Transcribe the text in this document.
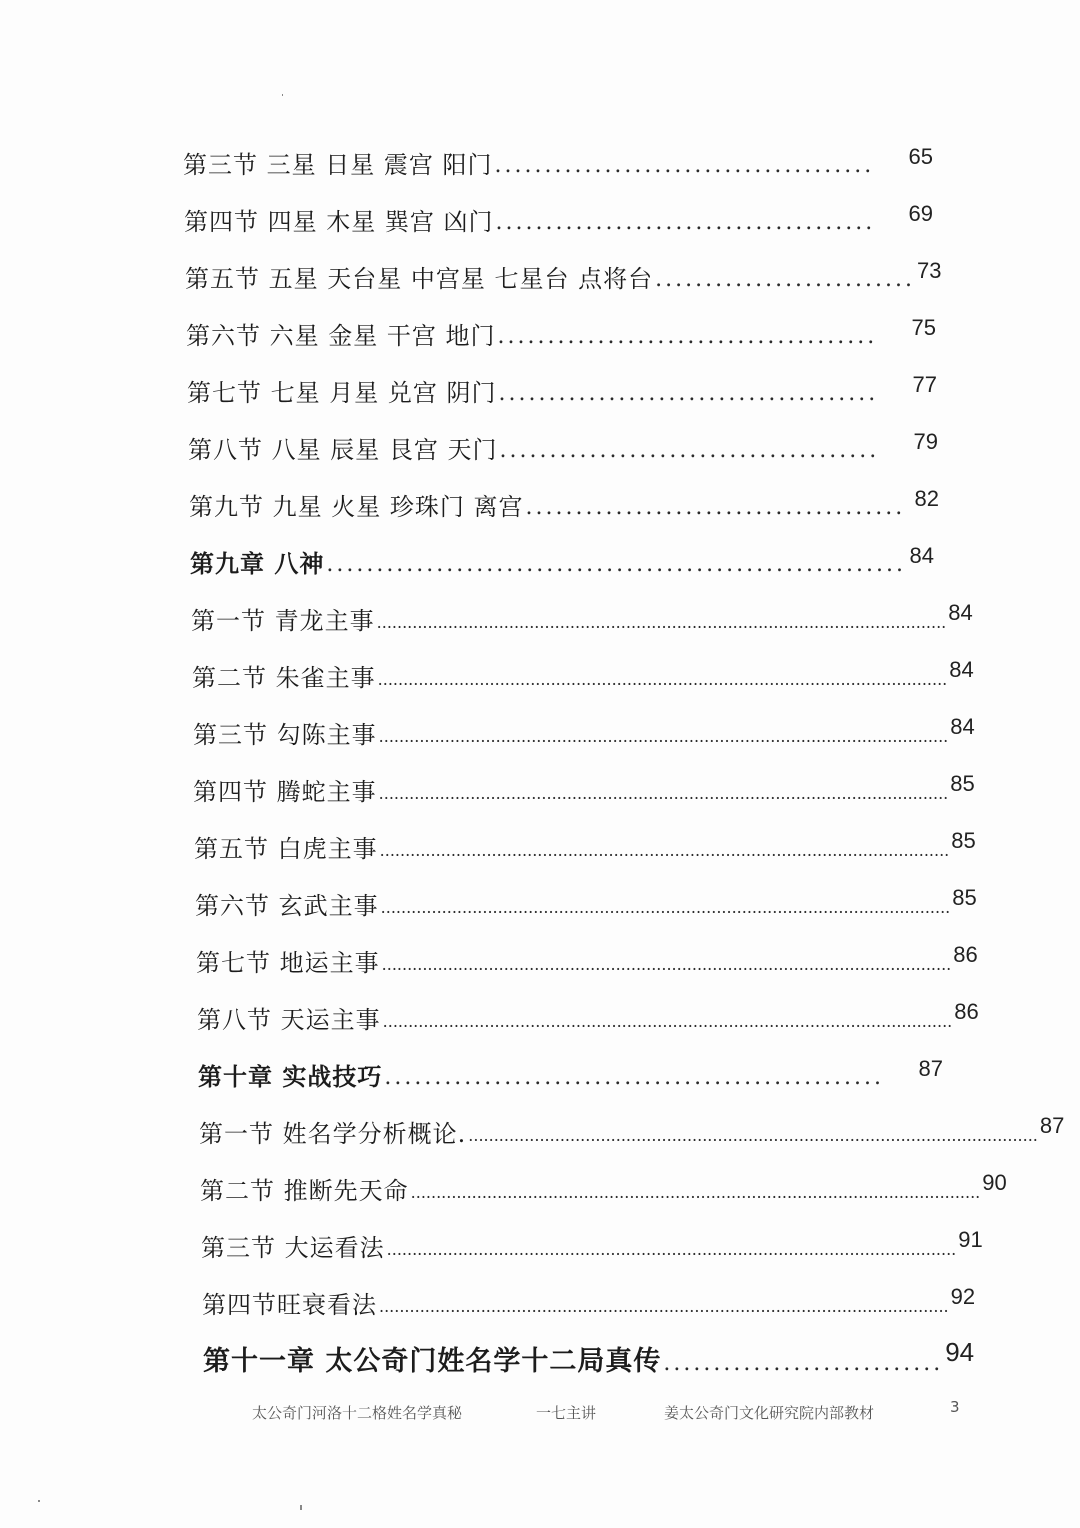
第三节 三星 日星 震宫 阳门 ......................................	65
第四节 四星 木星 巽宫 凶门 ......................................	69
第五节 五星 天台星 中宫星 七星台 点将台 .......................... 73
第六节 六星 金星 干宫 地门 ......................................	75
第七节 七星 月星 兑宫 阴门 ......................................	77
第八节 八星 辰星 艮宫 天门 ......................................	79
第九节 九星 火星 珍珠门 离宫 ...................................... 82
第九章 八神 .......................................................... 84
第一节 青龙主事 ................................................................................................................ 84
第二节 朱雀主事 ................................................................................................................ 84
第三节 勾陈主事 ................................................................................................................ 84
第四节 腾蛇主事 ................................................................................................................ 85
第五节 白虎主事 ................................................................................................................ 85
第六节 玄武主事 ................................................................................................................ 85
第七节 地运主事 ................................................................................................................ 86
第八节 天运主事 ................................................................................................................ 86
第十章 实战技巧 ..................................................	87
第一节 姓名学分析概论. ................................................................................................................ 87
第二节 推断先天命 ................................................................................................................ 90
第三节 大运看法 ................................................................................................................ 91
第四节旺衰看法 ................................................................................................................ 92
第十一章 太公奇门姓名学十二局真传 ............................ 94
太公奇门河洛十二格姓名学真秘	一七主讲	姜太公奇门文化研究院内部教材	3
